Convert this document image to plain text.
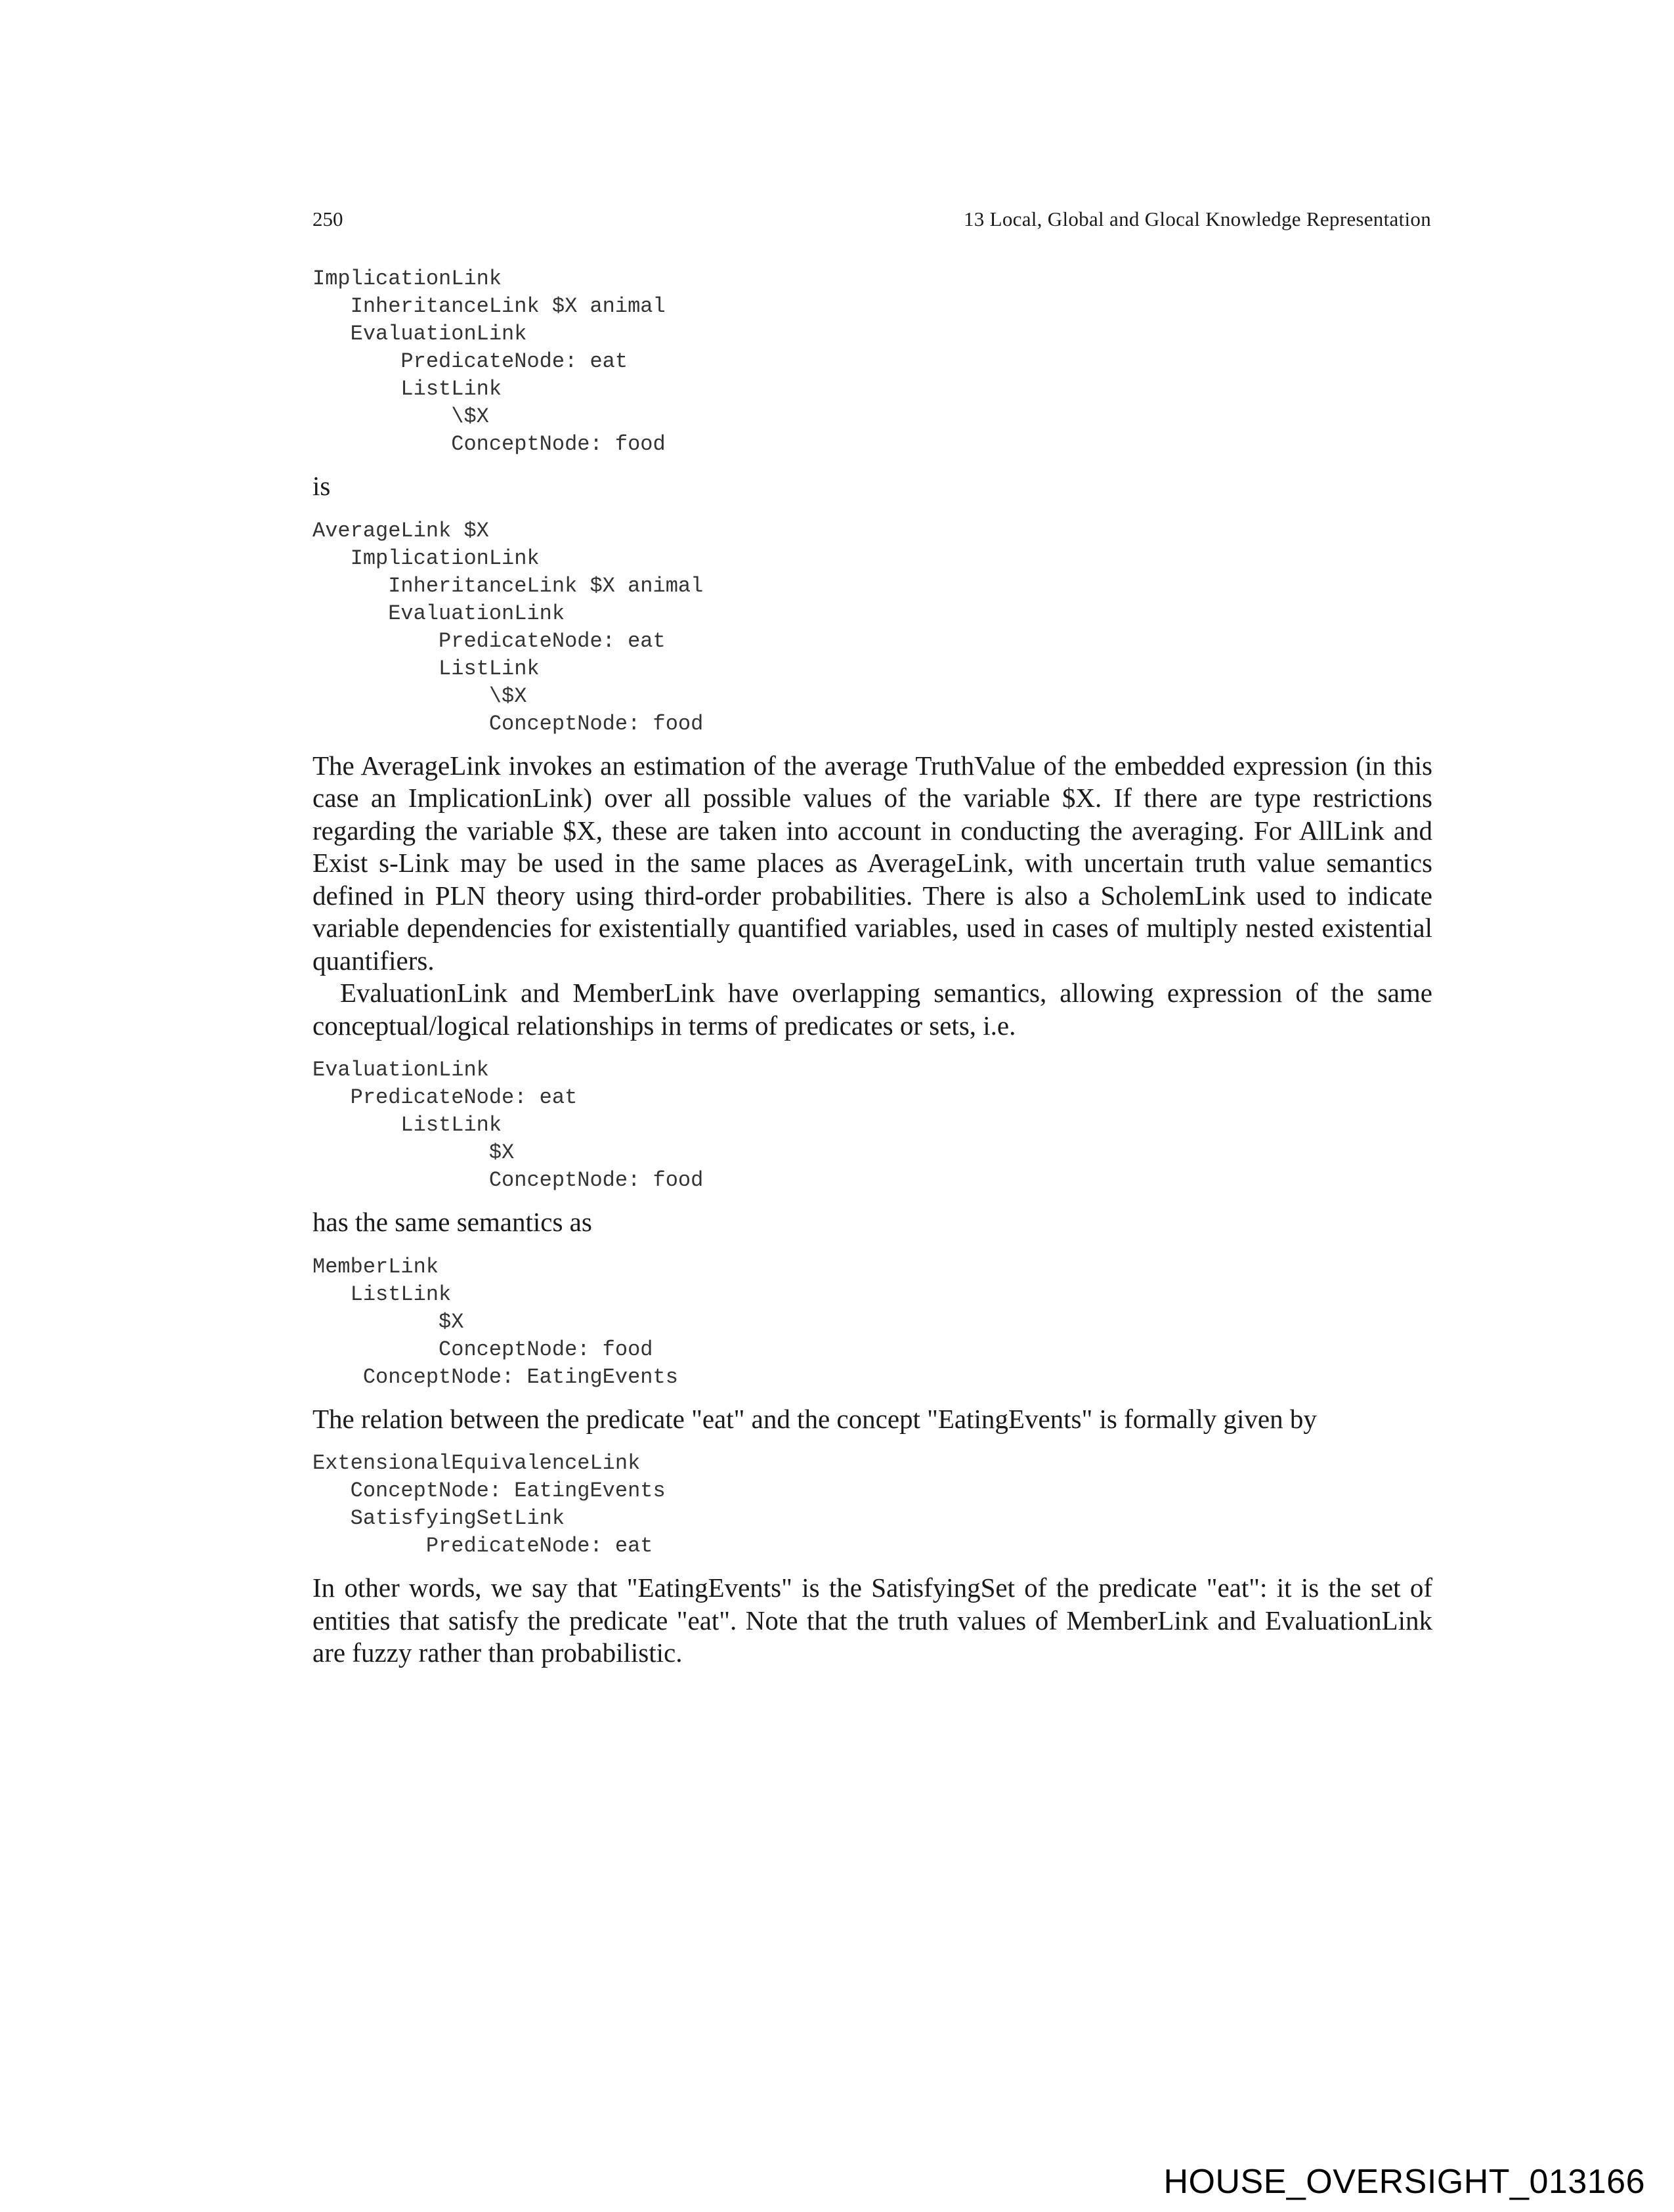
250	13 Local, Global and Glocal Knowledge Representation
ImplicationLink
InheritanceLink $X animal
EvaluationLink
PredicateNode: eat
ListLink
\$X
ConceptNode: food

is

AverageLink $X
ImplicationLink
InheritanceLink $X animal
EvaluationLink
PredicateNode: eat
ListLink
\$X
ConceptNode: food

The AverageLink invokes an estimation of the average TruthValue of the embedded expression (in this case an ImplicationLink) over all possible values of the variable $X. If there are type restrictions regarding the variable $X, these are taken into account in conducting the averaging. For AllLink and Exist s-Link may be used in the same places as AverageLink, with uncertain truth value semantics defined in PLN theory using third-order probabilities. There is also a ScholemLink used to indicate variable dependencies for existentially quantified variables, used in cases of multiply nested existential quantifiers.

EvaluationLink and MemberLink have overlapping semantics, allowing expression of the same conceptual/logical relationships in terms of predicates or sets, i.e.

EvaluationLink
PredicateNode: eat
ListLink
$X
ConceptNode: food

has the same semantics as

MemberLink
ListLink
$X
ConceptNode: food
ConceptNode: EatingEvents

The relation between the predicate "eat" and the concept "EatingEvents" is formally given by

ExtensionalEquivalenceLink
ConceptNode: EatingEvents
SatisfyingSetLink
PredicateNode: eat

In other words, we say that "EatingEvents" is the SatisfyingSet of the predicate "eat": it is the set of entities that satisfy the predicate "eat". Note that the truth values of MemberLink and EvaluationLink are fuzzy rather than probabilistic.

HOUSE_OVERSIGHT_013166
